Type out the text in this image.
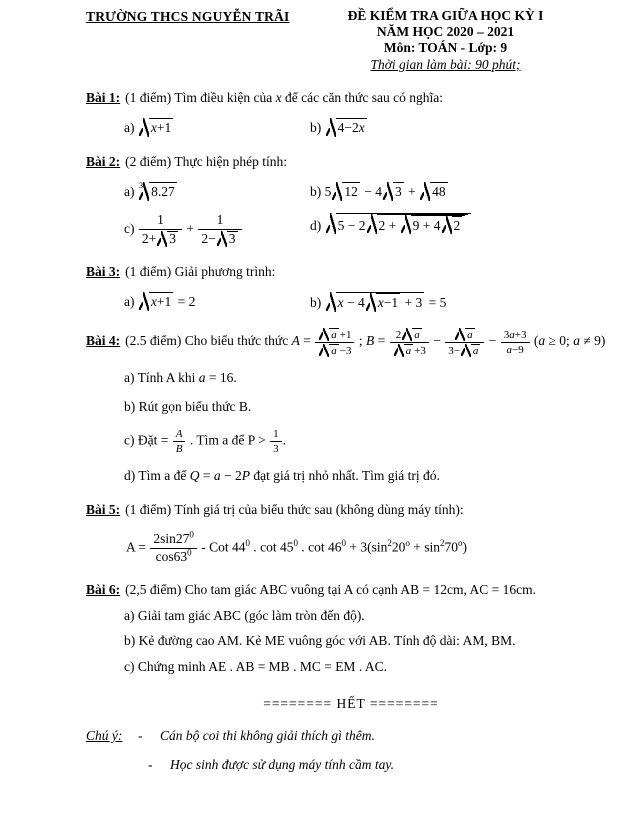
TRƯỜNG THCS NGUYỄN TRÃI	ĐỀ KIỂM TRA GIỮA HỌC KỲ I
NĂM HỌC 2020 – 2021
Môn: TOÁN - Lớp: 9
Thời gian làm bài: 90 phút;
Bài 1: (1 điểm) Tìm điều kiện của x để các căn thức sau có nghĩa:
a) x+1	b) 4−2x
Bài 2: (2 điểm) Thực hiện phép tính:
a) 3 8.27	b) 5 12 − 4 3 + 48
$c) \frac{1}{2+ 3} + \frac{1}{2- 3}$	d) 5 − 2 2 + 9 + 4 2
Bài 3: (1 điểm) Giải phương trình:
a) x+1 = 2	b) x − 4 x−1 + 3 = 5
Bài 4: (2.5 điểm) Cho biểu thức thức $A = \frac{a +1}{a -3}$ ; $B = \frac{2 a}{a +3} - \frac{a}{3- a} - \frac{3a+3}{a-9} (a \ge 0$; a ≠ 9)
a) Tính A khi a = 16.
b) Rút gọn biểu thức B.
c) Đặt = $\frac{A}{B}$ . Tìm a để $P > \frac{1}{3}$ .
d) Tìm a để Q = a − 2P đạt giá trị nhỏ nhất. Tìm giá trị đó.
Bài 5: (1 điểm) Tính giá trị của biểu thức sau (không dùng máy tính):
$A = \frac{2\sin 27^0}{\cos 63^0}$ - Cot $44^0$ . $\cot 45^0$ . $\cot 46^0 + 3(\sin^220^o + \sin^270^o)$
Bài 6: (2,5 điểm) Cho tam giác ABC vuông tại A có cạnh AB = 12cm, AC = 16cm.
a) Giải tam giác ABC (góc làm tròn đến độ).
b) Kẻ đường cao AM. Kẻ ME vuông góc với AB. Tính độ dài: AM, BM.
c) Chứng minh AE . AB = MB . MC = EM . AC.
======== HẾT ========
Chú ý:	-	Cán bộ coi thi không giải thích gì thêm.
-	Học sinh được sử dụng máy tính cầm tay.
